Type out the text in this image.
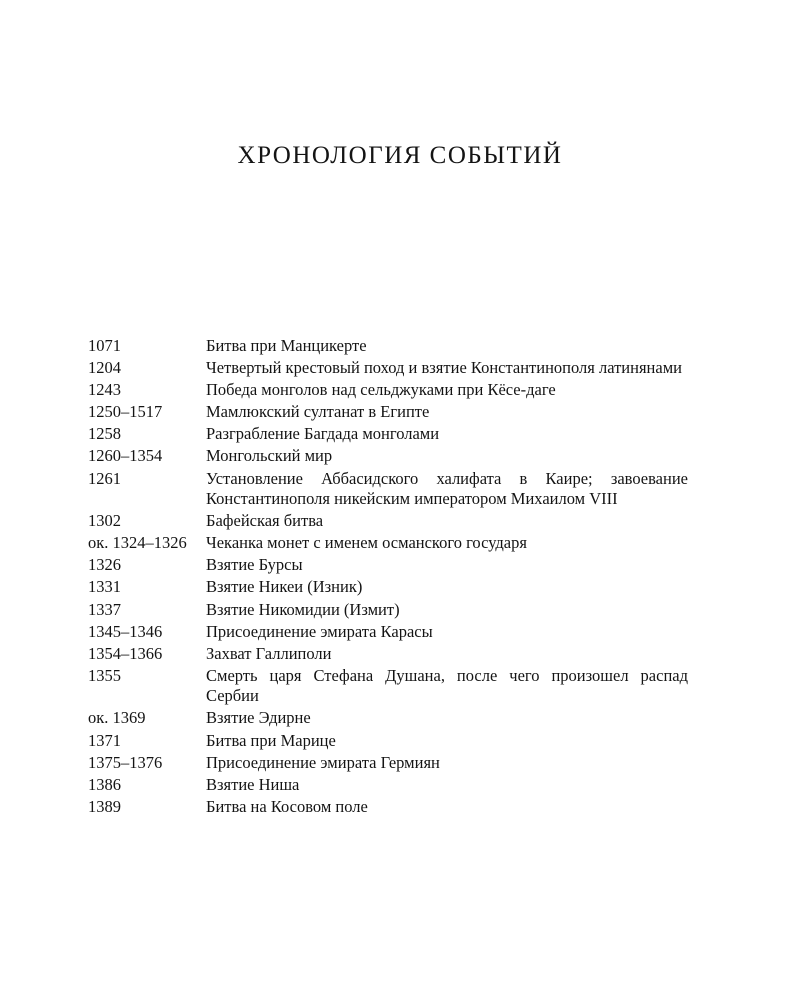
ХРОНОЛОГИЯ СОБЫТИЙ
1071	Битва при Манцикерте
1204	Четвертый крестовый поход и взятие Константинополя латинянами
1243	Победа монголов над сельджуками при Кёсе-даге
1250–1517	Мамлюкский султанат в Египте
1258	Разграбление Багдада монголами
1260–1354	Монгольский мир
1261	Установление Аббасидского халифата в Каире; завоевание Константинополя никейским императором Михаилом VIII
1302	Бафейская битва
ок. 1324–1326	Чеканка монет с именем османского государя
1326	Взятие Бурсы
1331	Взятие Никеи (Изник)
1337	Взятие Никомидии (Измит)
1345–1346	Присоединение эмирата Карасы
1354–1366	Захват Галлиполи
1355	Смерть царя Стефана Душана, после чего произошел распад Сербии
ок. 1369	Взятие Эдирне
1371	Битва при Марице
1375–1376	Присоединение эмирата Гермиян
1386	Взятие Ниша
1389	Битва на Косовом поле
